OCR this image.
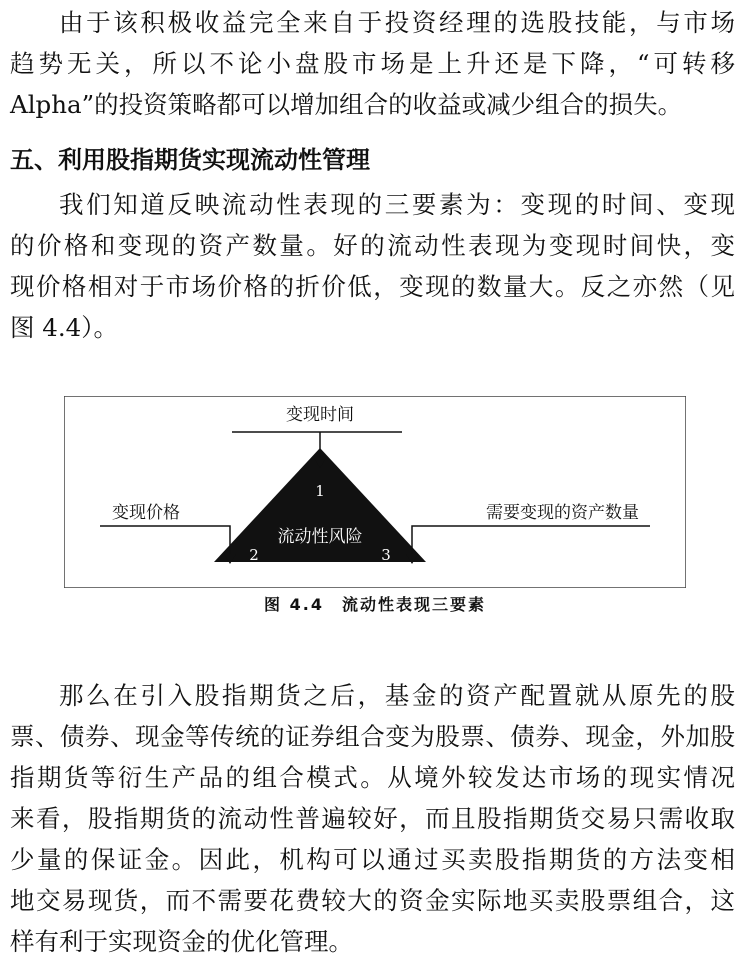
由于该积极收益完全来自于投资经理的选股技能，与市场
趋势无关，所以不论小盘股市场是上升还是下降，“可转移
Alpha”的投资策略都可以增加组合的收益或减少组合的损失。
五、利用股指期货实现流动性管理
我们知道反映流动性表现的三要素为：变现的时间、变现
的价格和变现的资产数量。好的流动性表现为变现时间快，变
现价格相对于市场价格的折价低，变现的数量大。反之亦然（见
图 4.4）。
变现时间
变现价格	需要变现的资产数量
流动性风险
1
2	3
图 4.4　流动性表现三要素
那么在引入股指期货之后，基金的资产配置就从原先的股
票、债券、现金等传统的证券组合变为股票、债券、现金，外加股
指期货等衍生产品的组合模式。从境外较发达市场的现实情况
来看，股指期货的流动性普遍较好，而且股指期货交易只需收取
少量的保证金。因此，机构可以通过买卖股指期货的方法变相
地交易现货，而不需要花费较大的资金实际地买卖股票组合，这
样有利于实现资金的优化管理。
